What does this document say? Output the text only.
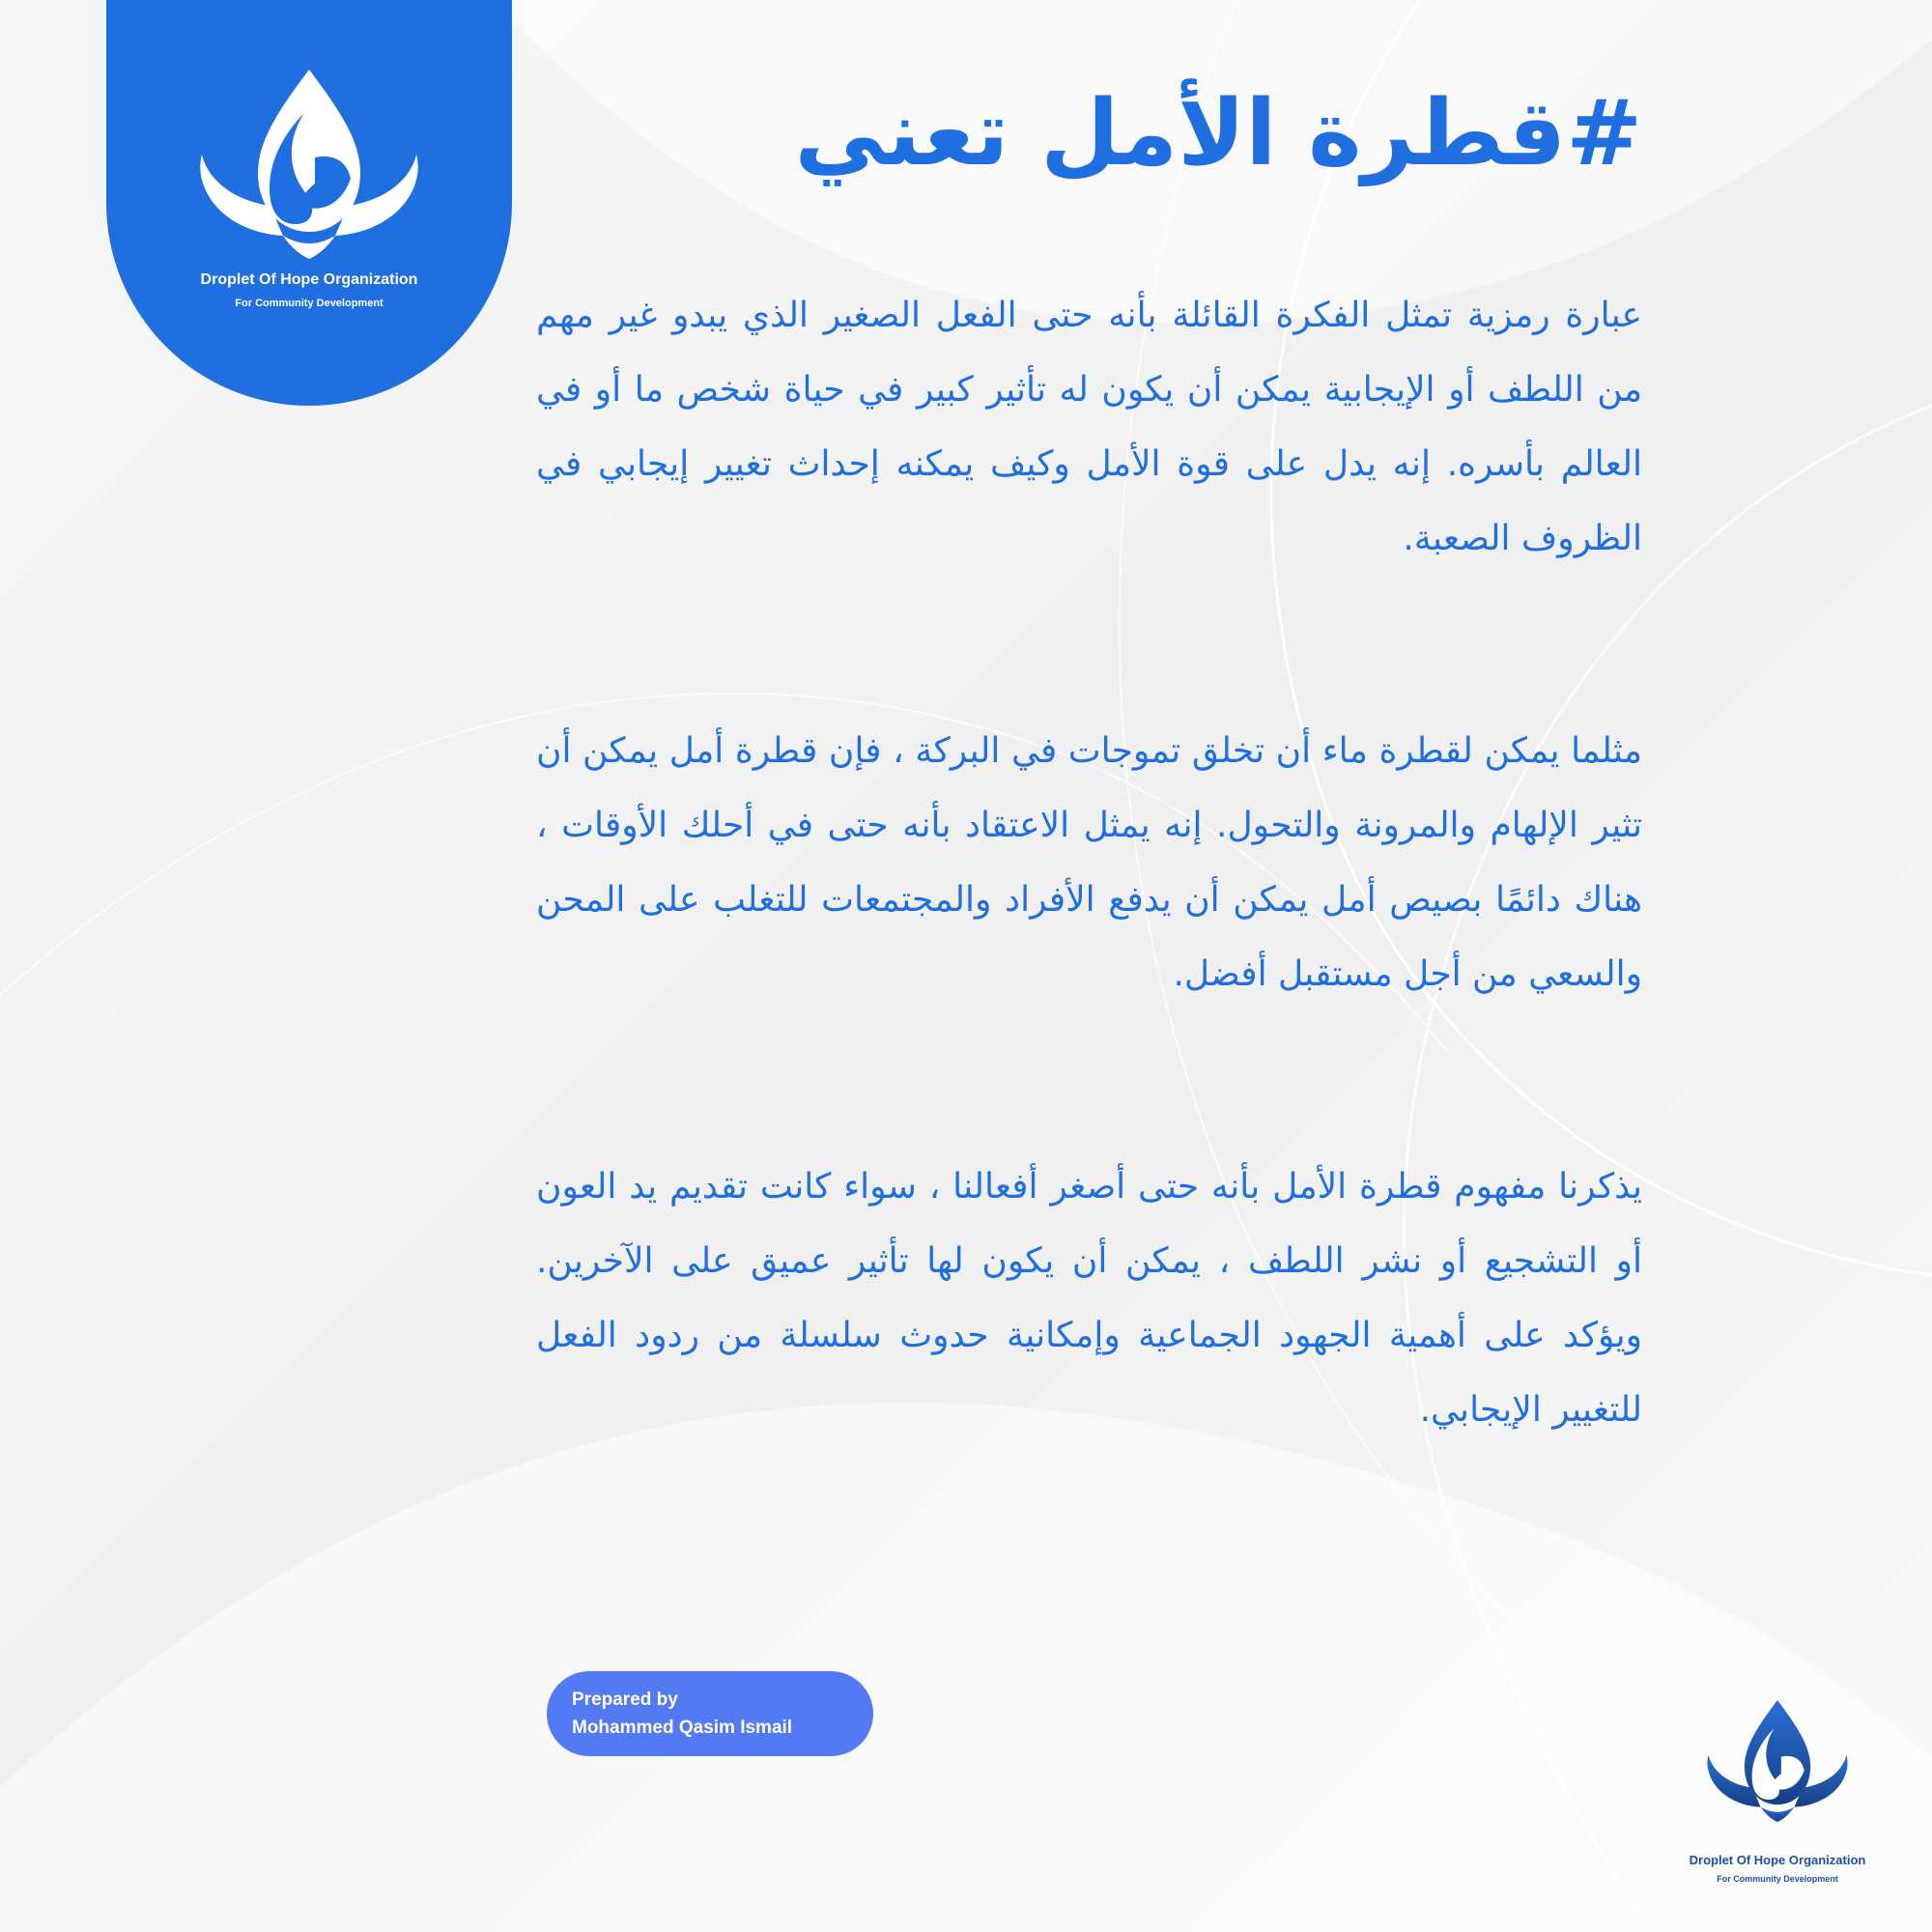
Droplet Of Hope Organization
For Community Development
#قطرة الأمل تعني

عبارة رمزية تمثل الفكرة القائلة بأنه حتى الفعل الصغير الذي يبدو غير مهم من اللطف أو الإيجابية يمكن أن يكون له تأثير كبير في حياة شخص ما أو في العالم بأسره. إنه يدل على قوة الأمل وكيف يمكنه إحداث تغيير إيجابي في الظروف الصعبة.

مثلما يمكن لقطرة ماء أن تخلق تموجات في البركة ، فإن قطرة أمل يمكن أن تثير الإلهام والمرونة والتحول. إنه يمثل الاعتقاد بأنه حتى في أحلك الأوقات ، هناك دائمًا بصيص أمل يمكن أن يدفع الأفراد والمجتمعات للتغلب على المحن والسعي من أجل مستقبل أفضل.

يذكرنا مفهوم قطرة الأمل بأنه حتى أصغر أفعالنا ، سواء كانت تقديم يد العون أو التشجيع أو نشر اللطف ، يمكن أن يكون لها تأثير عميق على الآخرين. ويؤكد على أهمية الجهود الجماعية وإمكانية حدوث سلسلة من ردود الفعل للتغيير الإيجابي.

Prepared by
Mohammed Qasim Ismail
Droplet Of Hope Organization
For Community Development
